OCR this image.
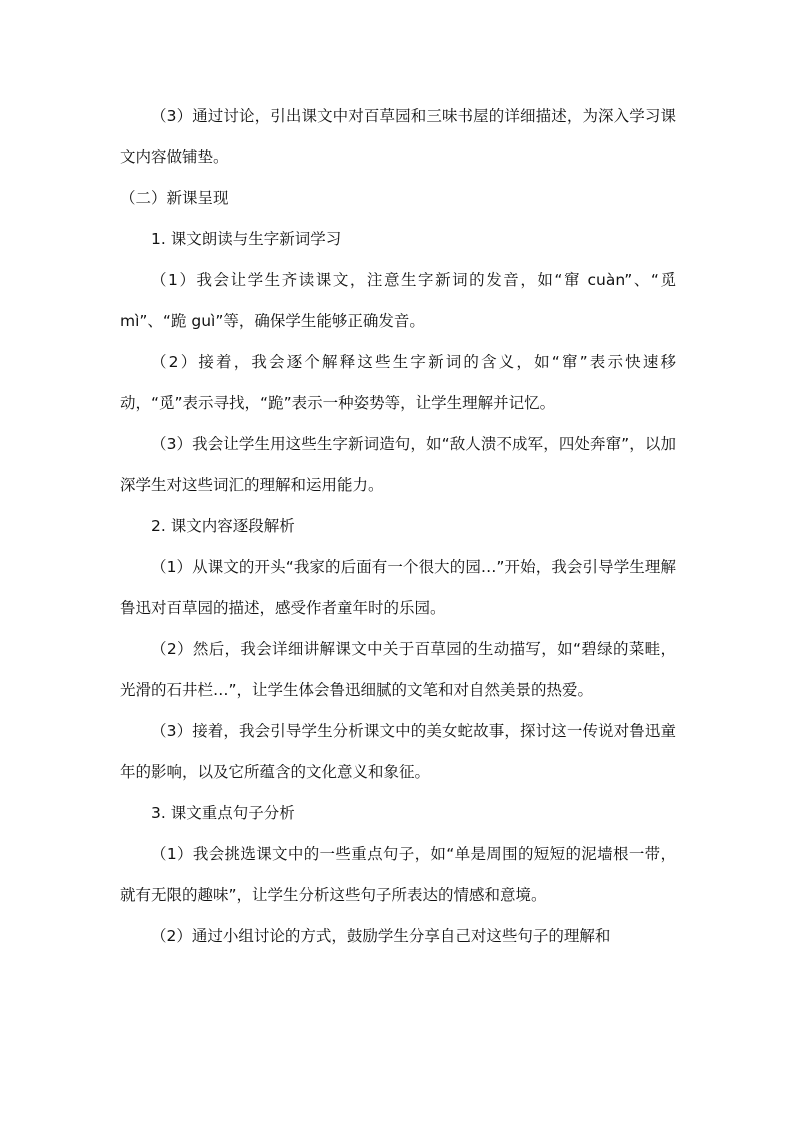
（3）通过讨论，引出课文中对百草园和三味书屋的详细描述，为深入学习课文内容做铺垫。

（二）新课呈现

1. 课文朗读与生字新词学习

（1）我会让学生齐读课文，注意生字新词的发音，如“窜 cuàn”、“觅 mì”、“跪 guì”等，确保学生能够正确发音。

（2）接着，我会逐个解释这些生字新词的含义，如“窜”表示快速移动，“觅”表示寻找，“跪”表示一种姿势等，让学生理解并记忆。

（3）我会让学生用这些生字新词造句，如“敌人溃不成军，四处奔窜”，以加深学生对这些词汇的理解和运用能力。

2. 课文内容逐段解析

（1）从课文的开头“我家的后面有一个很大的园…”开始，我会引导学生理解鲁迅对百草园的描述，感受作者童年时的乐园。

（2）然后，我会详细讲解课文中关于百草园的生动描写，如“碧绿的菜畦，光滑的石井栏…”，让学生体会鲁迅细腻的文笔和对自然美景的热爱。

（3）接着，我会引导学生分析课文中的美女蛇故事，探讨这一传说对鲁迅童年的影响，以及它所蕴含的文化意义和象征。

3. 课文重点句子分析

（1）我会挑选课文中的一些重点句子，如“单是周围的短短的泥墙根一带，就有无限的趣味”，让学生分析这些句子所表达的情感和意境。

（2）通过小组讨论的方式，鼓励学生分享自己对这些句子的理解和
